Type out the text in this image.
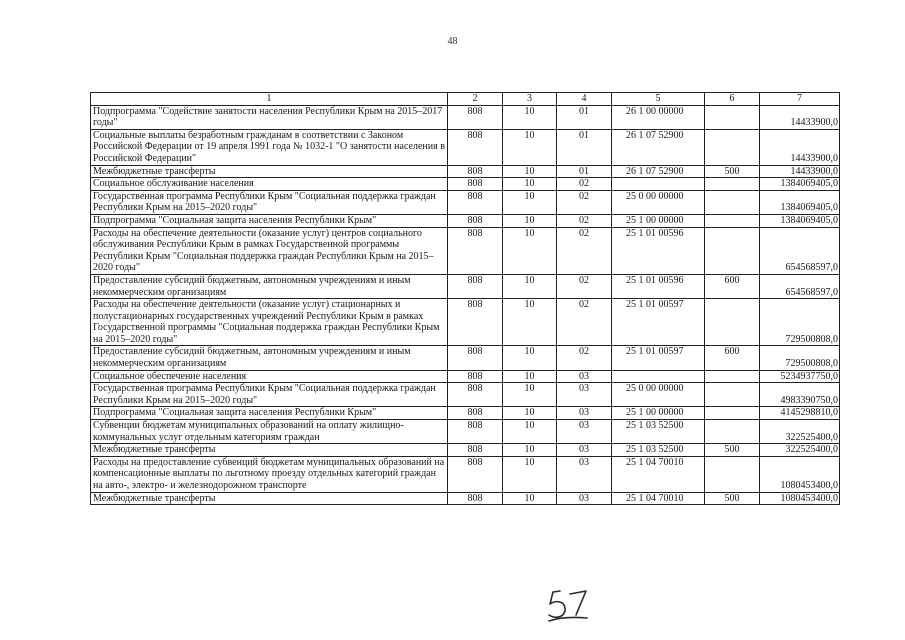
48
1	2	3	4	5	6	7
Подпрограмма "Содействие занятости населения Республики Крым на 2015–2017 годы"	808	10	01	26 1 00 00000		14433900,0
Социальные выплаты безработным гражданам в соответствии с Законом Российской Федерации от 19 апреля 1991 года № 1032-1 "О занятости населения в Российской Федерации"	808	10	01	26 1 07 52900		14433900,0
Межбюджетные трансферты	808	10	01	26 1 07 52900	500	14433900,0
Социальное обслуживание населения	808	10	02			1384069405,0
Государственная программа Республики Крым "Социальная поддержка граждан Республики Крым на 2015–2020 годы"	808	10	02	25 0 00 00000		1384069405,0
Подпрограмма "Социальная защита населения Республики Крым"	808	10	02	25 1 00 00000		1384069405,0
Расходы на обеспечение деятельности (оказание услуг) центров социального обслуживания Республики Крым в рамках Государственной программы Республики Крым "Социальная поддержка граждан Республики Крым на 2015–2020 годы"	808	10	02	25 1 01 00596		654568597,0
Предоставление субсидий бюджетным, автономным учреждениям и иным некоммерческим организациям	808	10	02	25 1 01 00596	600	654568597,0
Расходы на обеспечение деятельности (оказание услуг) стационарных и полустационарных государственных учреждений Республики Крым в рамках Государственной программы "Социальная поддержка граждан Республики Крым на 2015–2020 годы"	808	10	02	25 1 01 00597		729500808,0
Предоставление субсидий бюджетным, автономным учреждениям и иным некоммерческим организациям	808	10	02	25 1 01 00597	600	729500808,0
Социальное обеспечение населения	808	10	03			5234937750,0
Государственная программа Республики Крым "Социальная поддержка граждан Республики Крым на 2015–2020 годы"	808	10	03	25 0 00 00000		4983390750,0
Подпрограмма "Социальная защита населения Республики Крым"	808	10	03	25 1 00 00000		4145298810,0
Субвенции бюджетам муниципальных образований на оплату жилищно-коммунальных услуг отдельным категориям граждан	808	10	03	25 1 03 52500		322525400,0
Межбюджетные трансферты	808	10	03	25 1 03 52500	500	322525400,0
Расходы на предоставление субвенций бюджетам муниципальных образований на компенсационные выплаты по льготному проезду отдельных категорий граждан на авто-, электро- и железнодорожном транспорте	808	10	03	25 1 04 70010		1080453400,0
Межбюджетные трансферты	808	10	03	25 1 04 70010	500	1080453400,0
